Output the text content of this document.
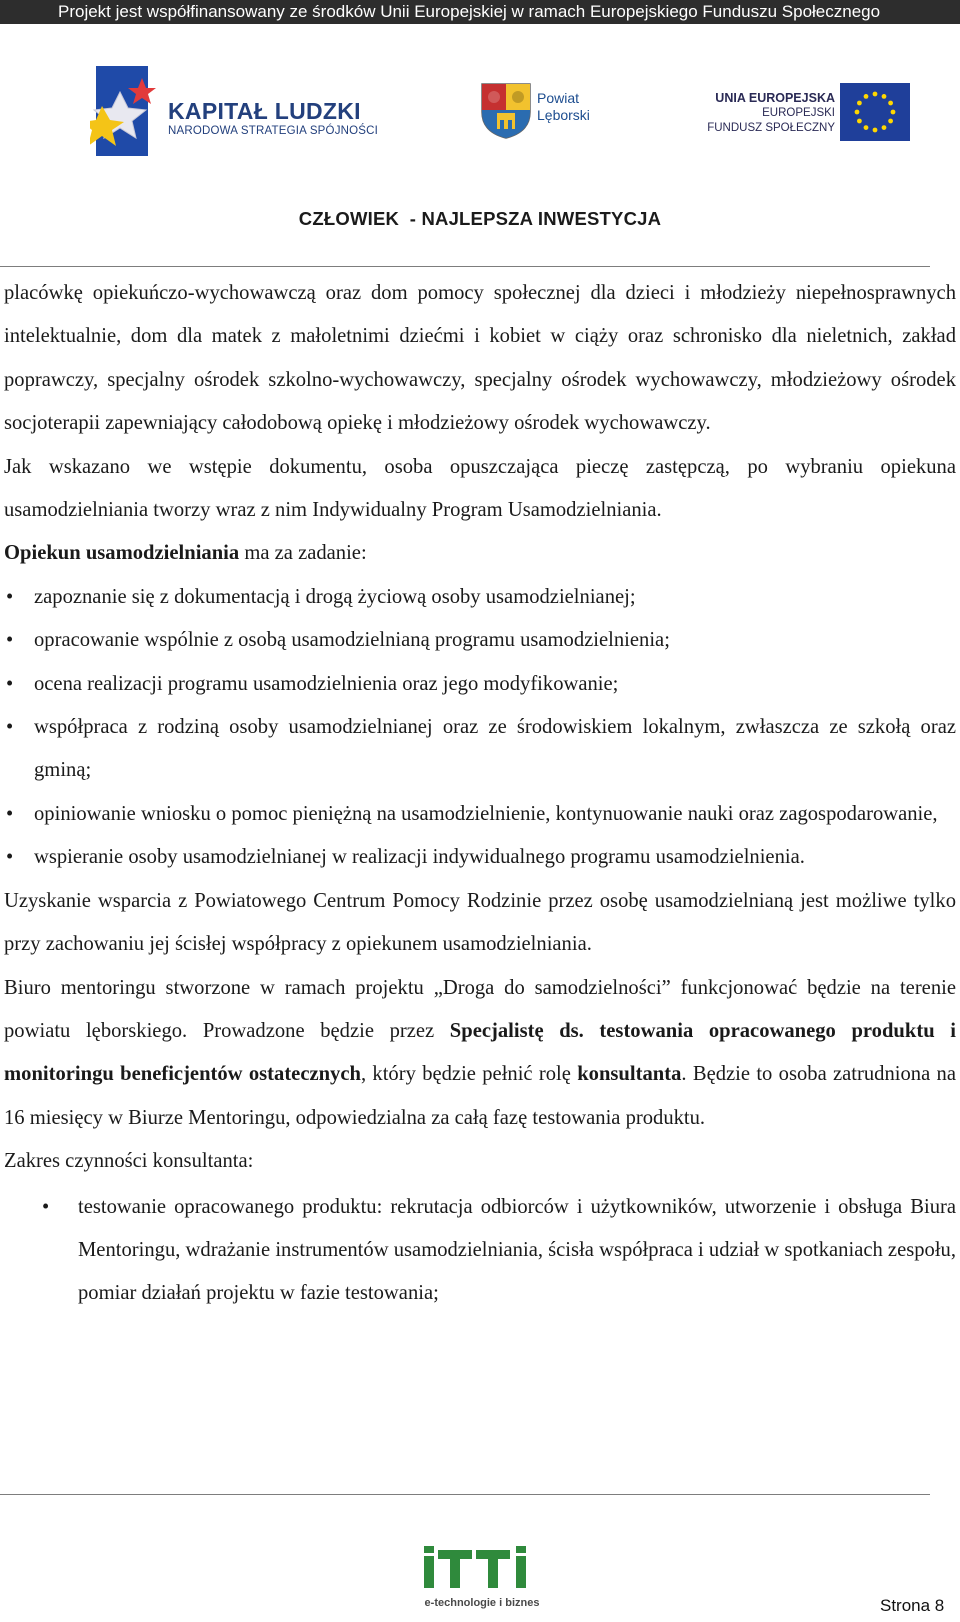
Projekt jest współfinansowany ze środków Unii Europejskiej w ramach Europejskiego Funduszu Społecznego
KAPITAŁ LUDZKI
NARODOWA STRATEGIA SPÓJNOŚCI
Powiat
Lęborski
UNIA EUROPEJSKA
EUROPEJSKI
FUNDUSZ SPOŁECZNY
CZŁOWIEK - NAJLEPSZA INWESTYCJA

placówkę opiekuńczo-wychowawczą oraz dom pomocy społecznej dla dzieci i młodzieży niepełnosprawnych intelektualnie, dom dla matek z małoletnimi dziećmi i kobiet w ciąży oraz schronisko dla nieletnich, zakład poprawczy, specjalny ośrodek szkolno-wychowawczy, specjalny ośrodek wychowawczy, młodzieżowy ośrodek socjoterapii zapewniający całodobową opiekę i młodzieżowy ośrodek wychowawczy.

Jak wskazano we wstępie dokumentu, osoba opuszczająca pieczę zastępczą, po wybraniu opiekuna usamodzielniania tworzy wraz z nim Indywidualny Program Usamodzielniania.

Opiekun usamodzielniania ma za zadanie:

• zapoznanie się z dokumentacją i drogą życiową osoby usamodzielnianej;
• opracowanie wspólnie z osobą usamodzielnianą programu usamodzielnienia;
• ocena realizacji programu usamodzielnienia oraz jego modyfikowanie;
• współpraca z rodziną osoby usamodzielnianej oraz ze środowiskiem lokalnym, zwłaszcza ze szkołą oraz gminą;
• opiniowanie wniosku o pomoc pieniężną na usamodzielnienie, kontynuowanie nauki oraz zagospodarowanie,
• wspieranie osoby usamodzielnianej w realizacji indywidualnego programu usamodzielnienia.

Uzyskanie wsparcia z Powiatowego Centrum Pomocy Rodzinie przez osobę usamodzielnianą jest możliwe tylko przy zachowaniu jej ścisłej współpracy z opiekunem usamodzielniania.

Biuro mentoringu stworzone w ramach projektu „Droga do samodzielności” funkcjonować będzie na terenie powiatu lęborskiego. Prowadzone będzie przez Specjalistę ds. testowania opracowanego produktu i monitoringu beneficjentów ostatecznych, który będzie pełnić rolę konsultanta. Będzie to osoba zatrudniona na 16 miesięcy w Biurze Mentoringu, odpowiedzialna za całą fazę testowania produktu.

Zakres czynności konsultanta:

• testowanie opracowanego produktu: rekrutacja odbiorców i użytkowników, utworzenie i obsługa Biura Mentoringu, wdrażanie instrumentów usamodzielniania, ścisła współpraca i udział w spotkaniach zespołu, pomiar działań projektu w fazie testowania;
e-technologie i biznes	Strona 8
